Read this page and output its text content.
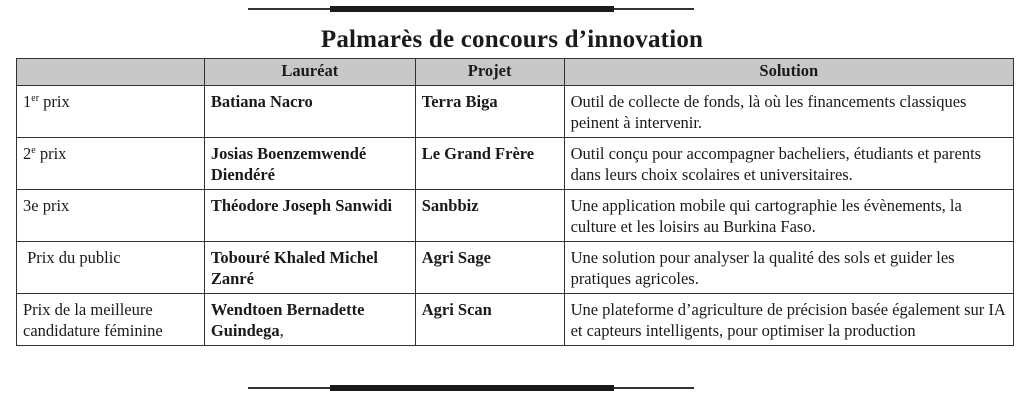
Palmarès de concours d’innovation
	Lauréat	Projet	Solution
1er prix	Batiana Nacro	Terra Biga	Outil de collecte de fonds, là où les financements classiques peinent à intervenir.
2e prix	Josias Boenzemwendé Diendéré	Le Grand Frère	Outil conçu pour accompagner bacheliers, étudiants et parents dans leurs choix scolaires et universitaires.
3e prix	Théodore Joseph Sanwidi	Sanbbiz	Une application mobile qui cartographie les évènements, la culture et les loisirs au Burkina Faso.
Prix du public	Tobouré Khaled Michel Zanré	Agri Sage	Une solution pour analyser la qualité des sols et guider les pratiques agricoles.
Prix de la meilleure candidature féminine	Wendtoen Bernadette Guindega,	Agri Scan	Une plateforme d’agriculture de précision basée également sur IA et capteurs intelligents, pour optimiser la production
